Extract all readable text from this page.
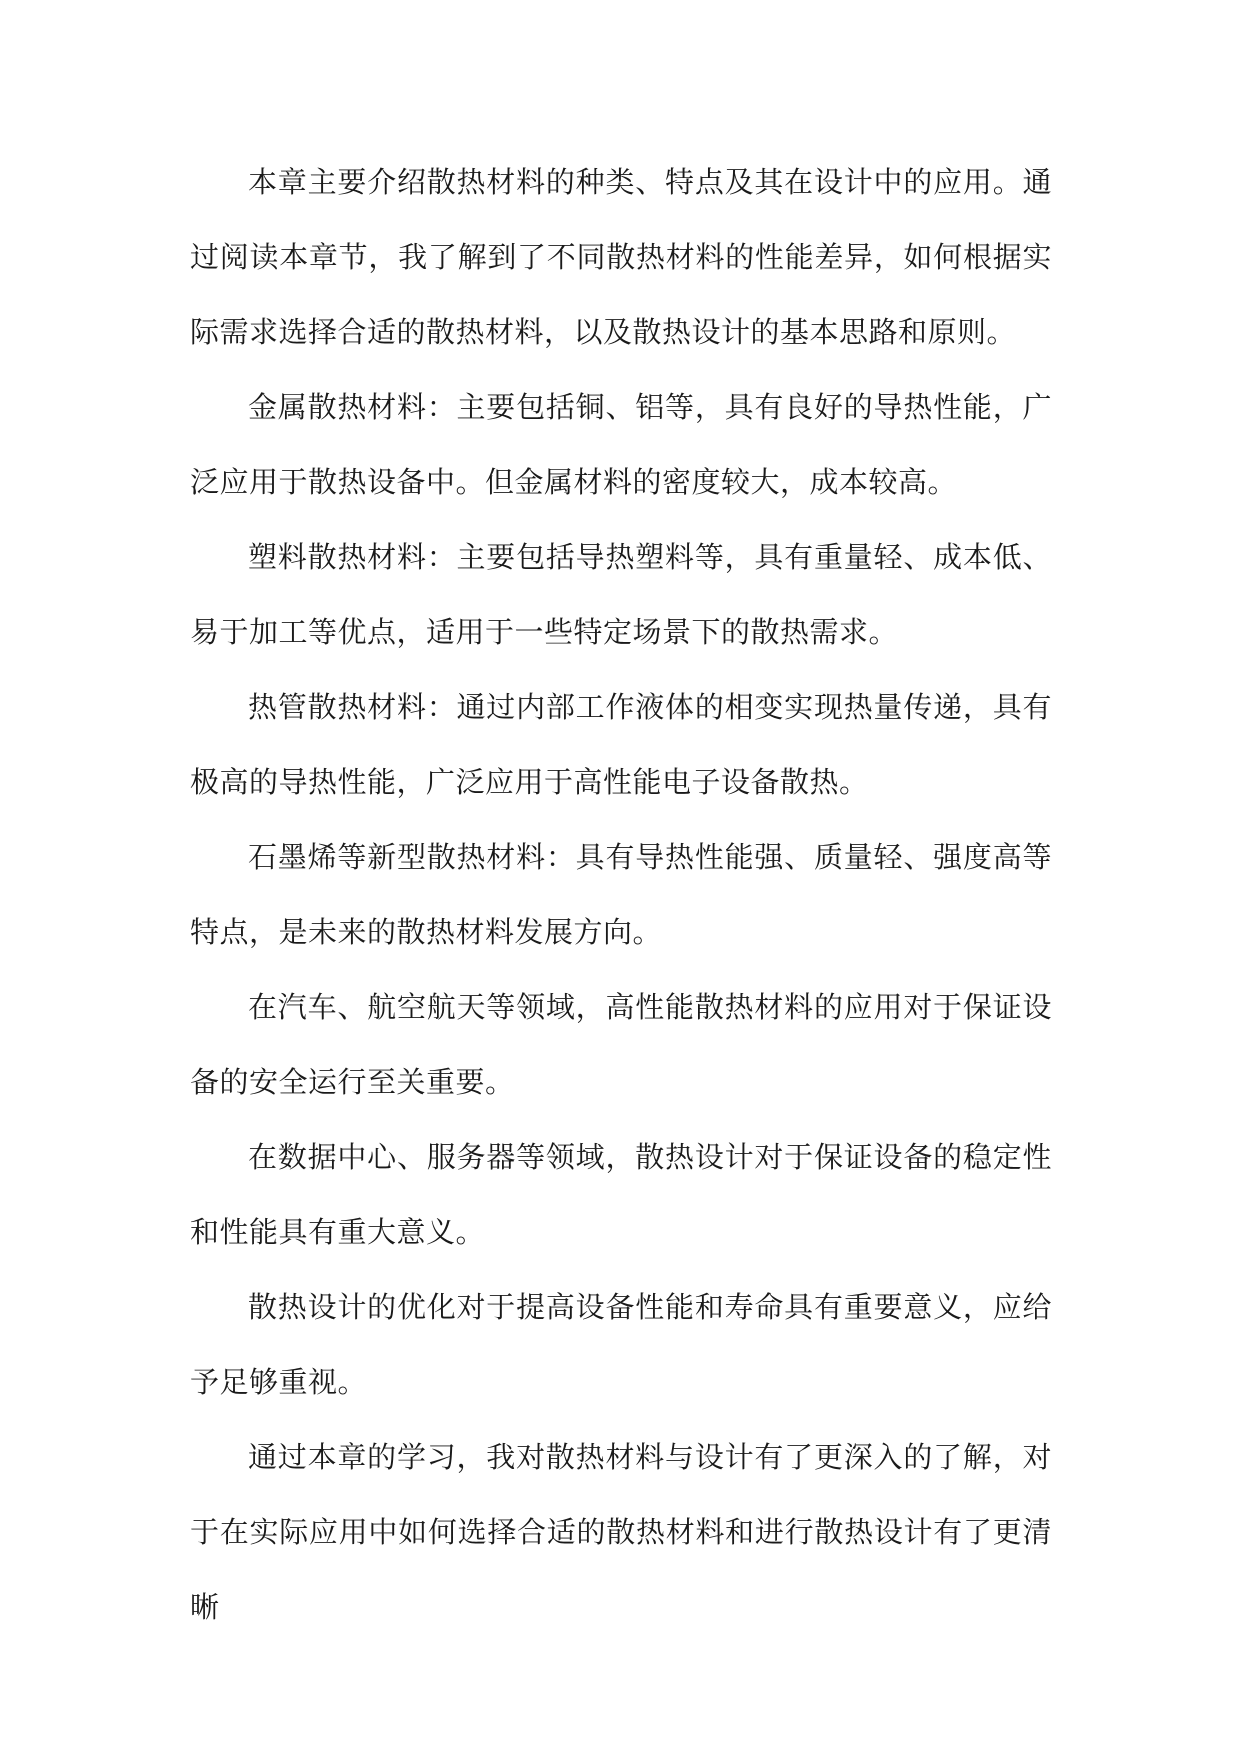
本章主要介绍散热材料的种类、特点及其在设计中的应用。通过阅读本章节，我了解到了不同散热材料的性能差异，如何根据实际需求选择合适的散热材料，以及散热设计的基本思路和原则。

金属散热材料：主要包括铜、铝等，具有良好的导热性能，广泛应用于散热设备中。但金属材料的密度较大，成本较高。

塑料散热材料：主要包括导热塑料等，具有重量轻、成本低、易于加工等优点，适用于一些特定场景下的散热需求。

热管散热材料：通过内部工作液体的相变实现热量传递，具有极高的导热性能，广泛应用于高性能电子设备散热。

石墨烯等新型散热材料：具有导热性能强、质量轻、强度高等特点，是未来的散热材料发展方向。

在汽车、航空航天等领域，高性能散热材料的应用对于保证设备的安全运行至关重要。

在数据中心、服务器等领域，散热设计对于保证设备的稳定性和性能具有重大意义。

散热设计的优化对于提高设备性能和寿命具有重要意义，应给予足够重视。

通过本章的学习，我对散热材料与设计有了更深入的了解，对于在实际应用中如何选择合适的散热材料和进行散热设计有了更清晰
